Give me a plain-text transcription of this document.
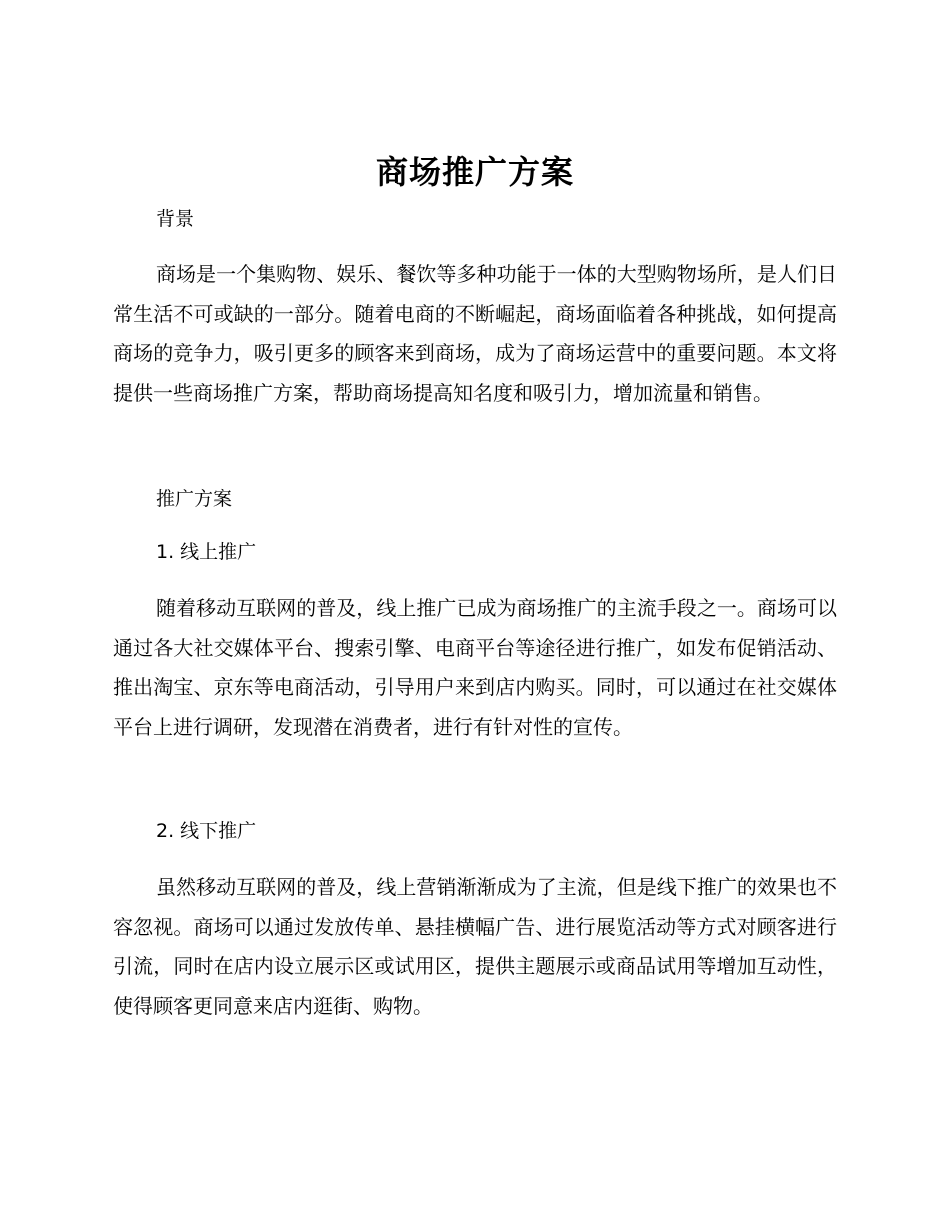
商场推广方案
背景

商场是一个集购物、娱乐、餐饮等多种功能于一体的大型购物场所，是人们日常生活不可或缺的一部分。随着电商的不断崛起，商场面临着各种挑战，如何提高商场的竞争力，吸引更多的顾客来到商场，成为了商场运营中的重要问题。本文将提供一些商场推广方案，帮助商场提高知名度和吸引力，增加流量和销售。

推广方案
1. 线上推广

随着移动互联网的普及，线上推广已成为商场推广的主流手段之一。商场可以通过各大社交媒体平台、搜索引擎、电商平台等途径进行推广，如发布促销活动、推出淘宝、京东等电商活动，引导用户来到店内购买。同时，可以通过在社交媒体平台上进行调研，发现潜在消费者，进行有针对性的宣传。

2. 线下推广

虽然移动互联网的普及，线上营销渐渐成为了主流，但是线下推广的效果也不容忽视。商场可以通过发放传单、悬挂横幅广告、进行展览活动等方式对顾客进行引流，同时在店内设立展示区或试用区，提供主题展示或商品试用等增加互动性，使得顾客更同意来店内逛街、购物。
